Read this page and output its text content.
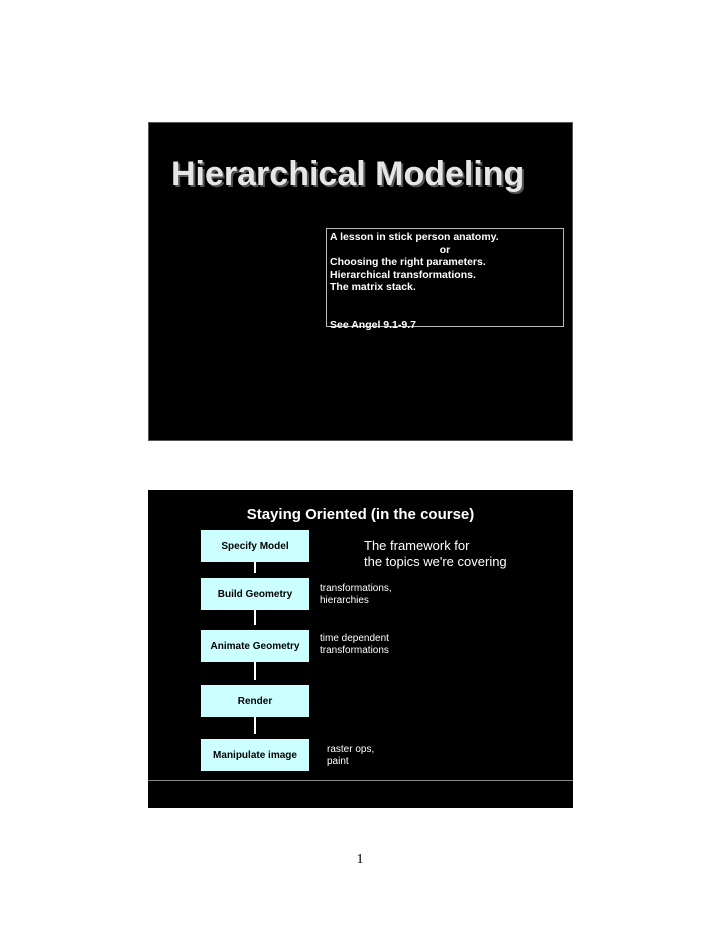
Hierarchical Modeling
A lesson in stick person anatomy.
or
Choosing the right parameters.
Hierarchical transformations.
The matrix stack.
See Angel 9.1-9.7
Staying Oriented (in the course)
Specify Model
Build Geometry
Animate Geometry
Render
Manipulate image
The framework for
the topics we're covering
transformations,
hierarchies
time dependent
transformations
raster ops,
paint
1
